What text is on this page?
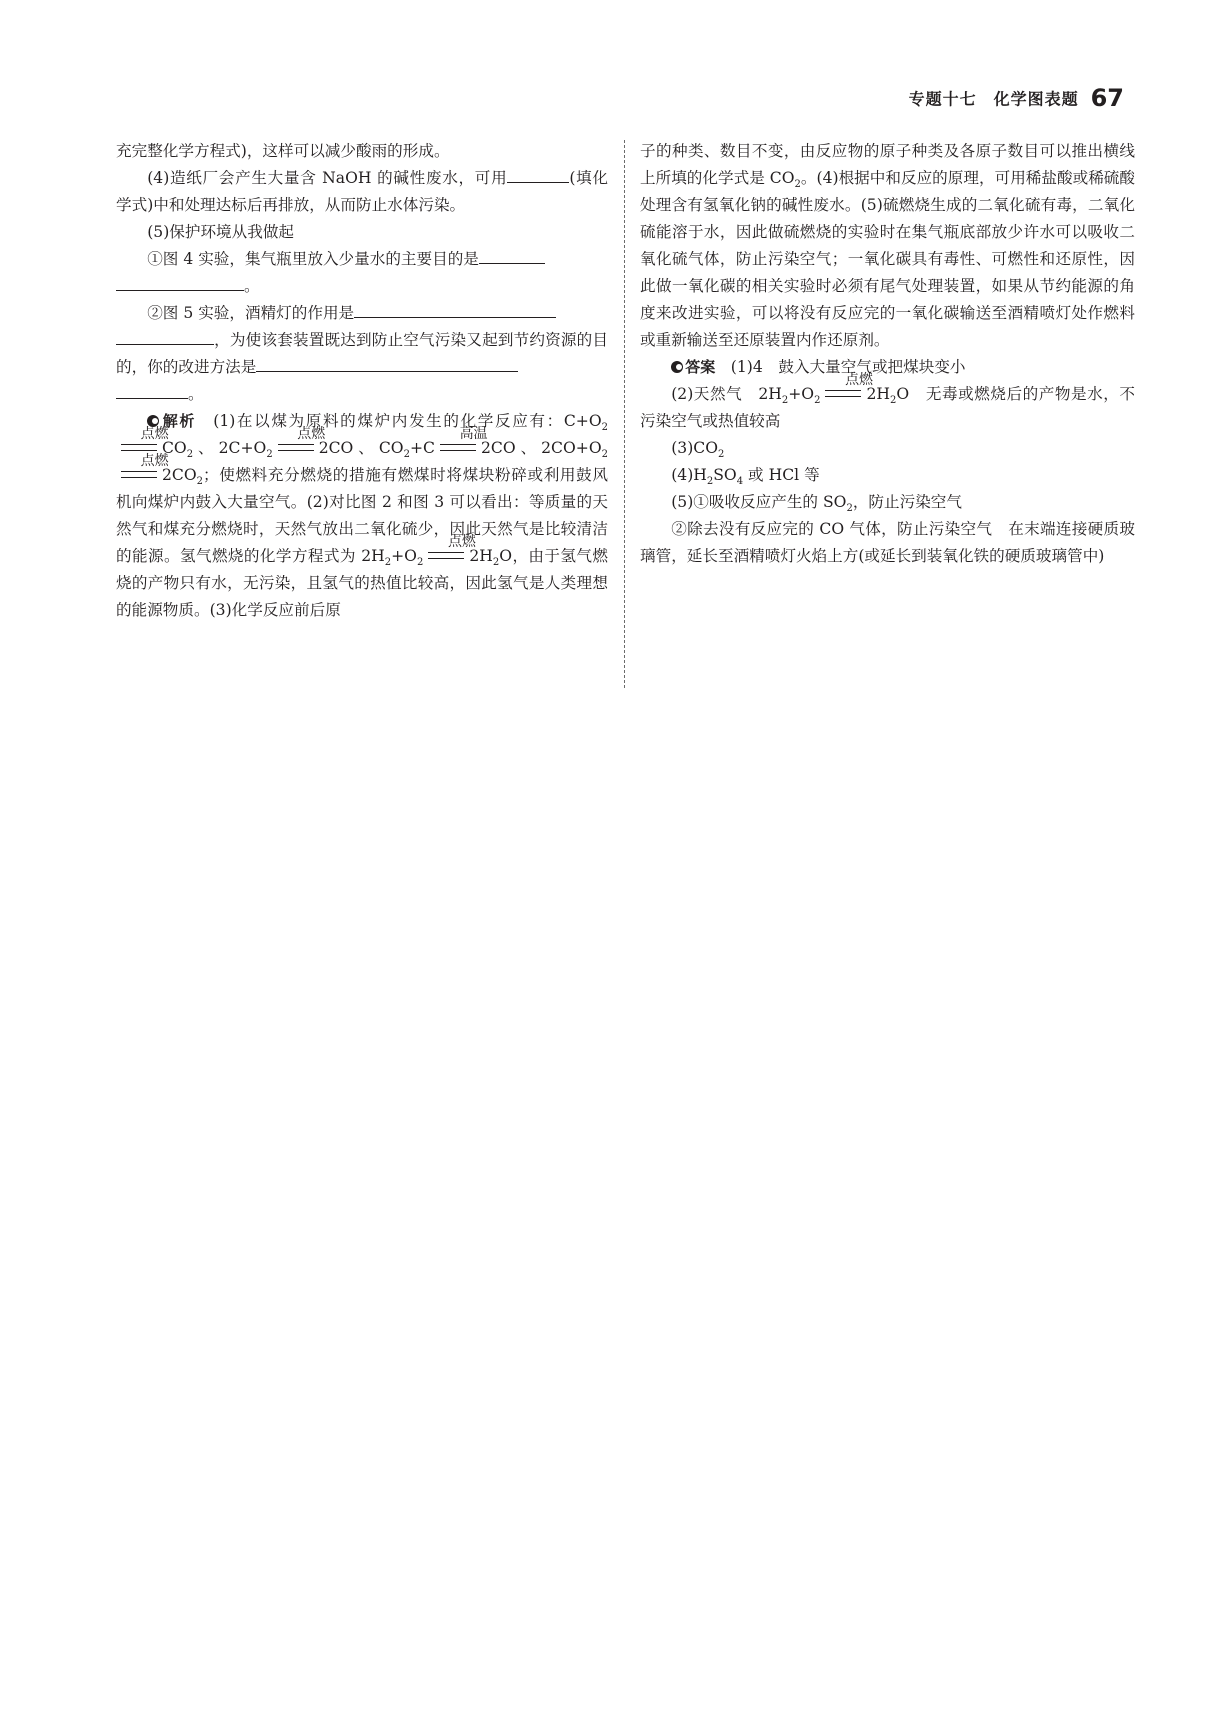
专题十七　化学图表题 67

充完整化学方程式)，这样可以减少酸雨的形成。

(4)造纸厂会产生大量含 NaOH 的碱性废水，可用	(填化学式)中和处理达标后再排放，从而防止水体污染。

(5)保护环境从我做起

①图 4 实验，集气瓶里放入少量水的主要目的是
。

②图 5 实验，酒精灯的作用是
，为使该套装置既达到防止空气污染又起到节约资源的目的，你的改进方法是
。

解析　(1)在以煤为原料的煤炉内发生的化学反应有：$C+O_2$
点燃
$CO_2$、$2C+O_2$
点燃
2CO、$CO_2+C$
高温
2CO、$2CO+O_2$
点燃
$2CO_2$；使燃料充分燃烧的措施有燃煤时将煤块粉碎或利用鼓风机向煤炉内鼓入大量空气。(2)对比图 2 和图 3 可以看出：等质量的天然气和煤充分燃烧时，天然气放出二氧化硫少，因此天然气是比较清洁的能源。氢气燃烧的化学方程式为 $2H_2+O_2$
点燃
$2H_2O$，由于氢气燃烧的产物只有水，无污染，且氢气的热值比较高，因此氢气是人类理想的能源物质。(3)化学反应前后原

子的种类、数目不变，由反应物的原子种类及各原子数目可以推出横线上所填的化学式是 $CO_2$。(4)根据中和反应的原理，可用稀盐酸或稀硫酸处理含有氢氧化钠的碱性废水。(5)硫燃烧生成的二氧化硫有毒，二氧化硫能溶于水，因此做硫燃烧的实验时在集气瓶底部放少许水可以吸收二氧化硫气体，防止污染空气；一氧化碳具有毒性、可燃性和还原性，因此做一氧化碳的相关实验时必须有尾气处理装置，如果从节约能源的角度来改进实验，可以将没有反应完的一氧化碳输送至酒精喷灯处作燃料或重新输送至还原装置内作还原剂。

答案　(1)4　鼓入大量空气或把煤块变小

(2)天然气　$2H_2+O_2$
点燃
$2H_2O$　无毒或燃烧后的产物是水，不污染空气或热值较高

$(3)CO_2$

$(4)H_2SO_4$ 或 HCl 等

(5)①吸收反应产生的 $SO_2$，防止污染空气

②除去没有反应完的 CO 气体，防止污染空气　在末端连接硬质玻璃管，延长至酒精喷灯火焰上方(或延长到装氧化铁的硬质玻璃管中)
